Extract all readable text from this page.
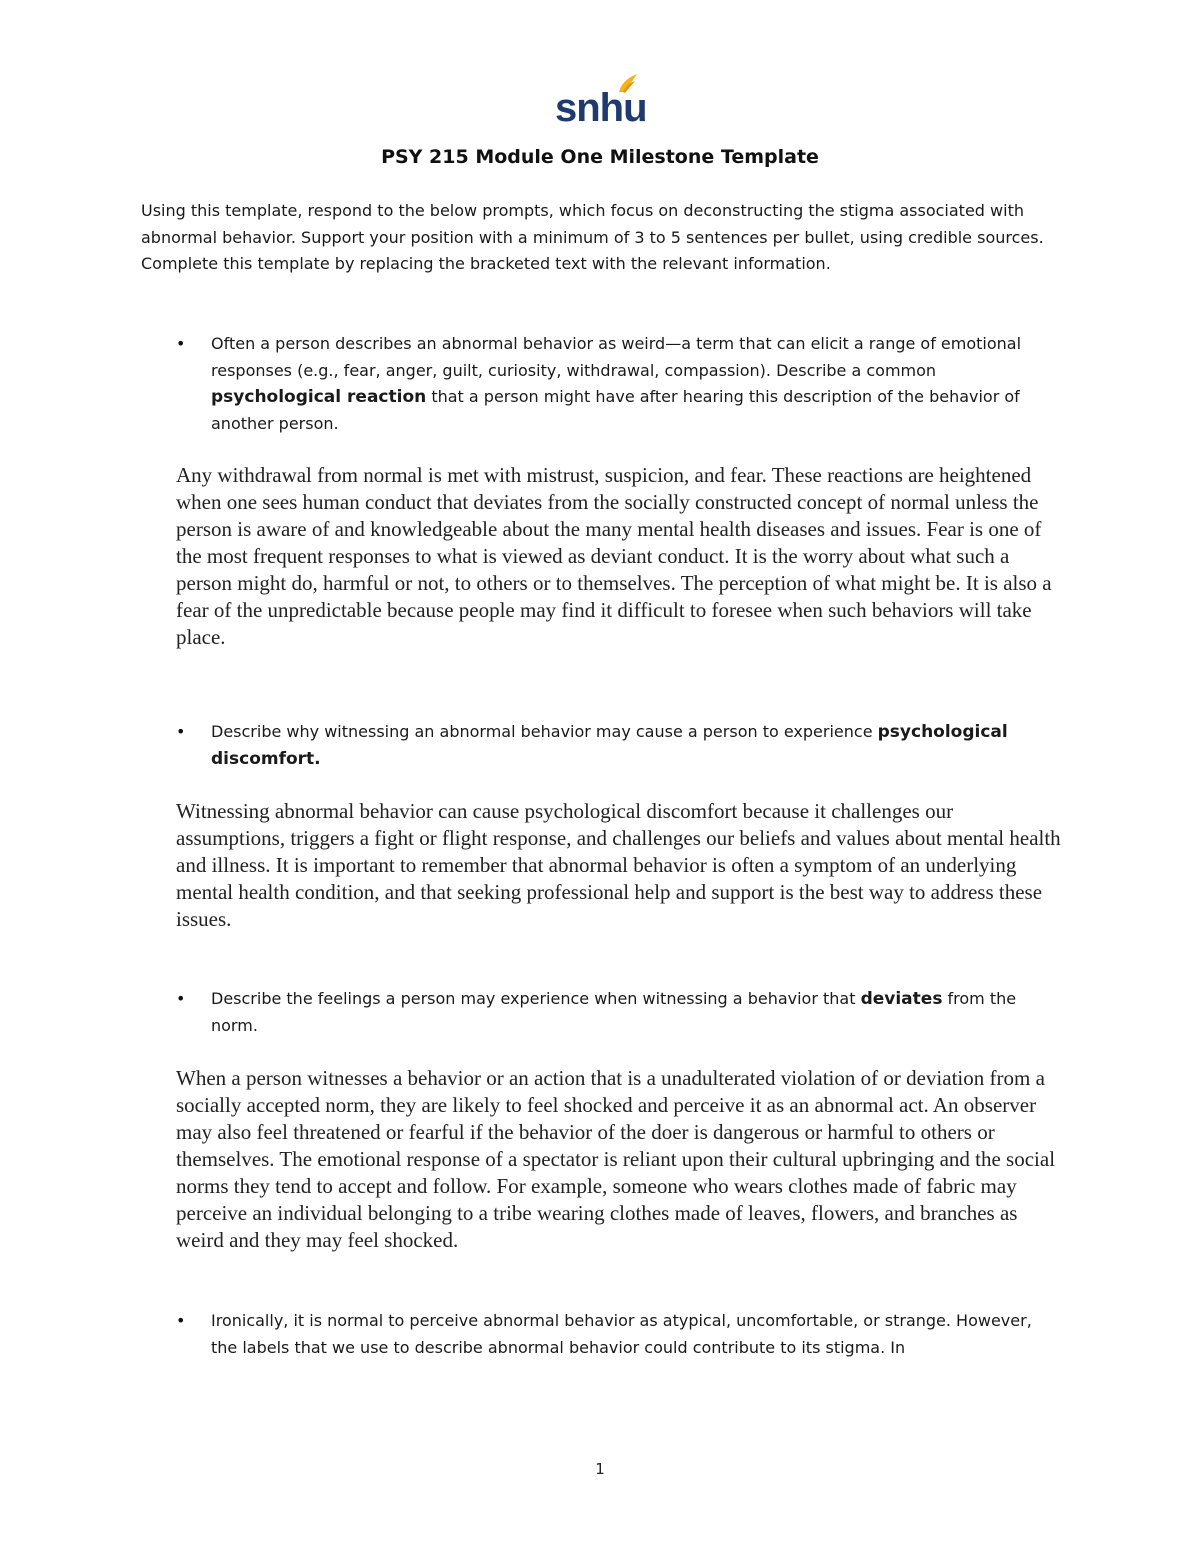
snhu
PSY 215 Module One Milestone Template
Using this template, respond to the below prompts, which focus on deconstructing the stigma associated with abnormal behavior. Support your position with a minimum of 3 to 5 sentences per bullet, using credible sources. Complete this template by replacing the bracketed text with the relevant information.
• Often a person describes an abnormal behavior as weird—a term that can elicit a range of emotional responses (e.g., fear, anger, guilt, curiosity, withdrawal, compassion). Describe a common psychological reaction that a person might have after hearing this description of the behavior of another person.
Any withdrawal from normal is met with mistrust, suspicion, and fear. These reactions are heightened when one sees human conduct that deviates from the socially constructed concept of normal unless the person is aware of and knowledgeable about the many mental health diseases and issues. Fear is one of the most frequent responses to what is viewed as deviant conduct. It is the worry about what such a person might do, harmful or not, to others or to themselves. The perception of what might be. It is also a fear of the unpredictable because people may find it difficult to foresee when such behaviors will take place.
• Describe why witnessing an abnormal behavior may cause a person to experience psychological discomfort.
Witnessing abnormal behavior can cause psychological discomfort because it challenges our assumptions, triggers a fight or flight response, and challenges our beliefs and values about mental health and illness. It is important to remember that abnormal behavior is often a symptom of an underlying mental health condition, and that seeking professional help and support is the best way to address these issues.
• Describe the feelings a person may experience when witnessing a behavior that deviates from the norm.
When a person witnesses a behavior or an action that is a unadulterated violation of or deviation from a socially accepted norm, they are likely to feel shocked and perceive it as an abnormal act. An observer may also feel threatened or fearful if the behavior of the doer is dangerous or harmful to others or themselves. The emotional response of a spectator is reliant upon their cultural upbringing and the social norms they tend to accept and follow. For example, someone who wears clothes made of fabric may perceive an individual belonging to a tribe wearing clothes made of leaves, flowers, and branches as weird and they may feel shocked.
• Ironically, it is normal to perceive abnormal behavior as atypical, uncomfortable, or strange. However, the labels that we use to describe abnormal behavior could contribute to its stigma. In
1
